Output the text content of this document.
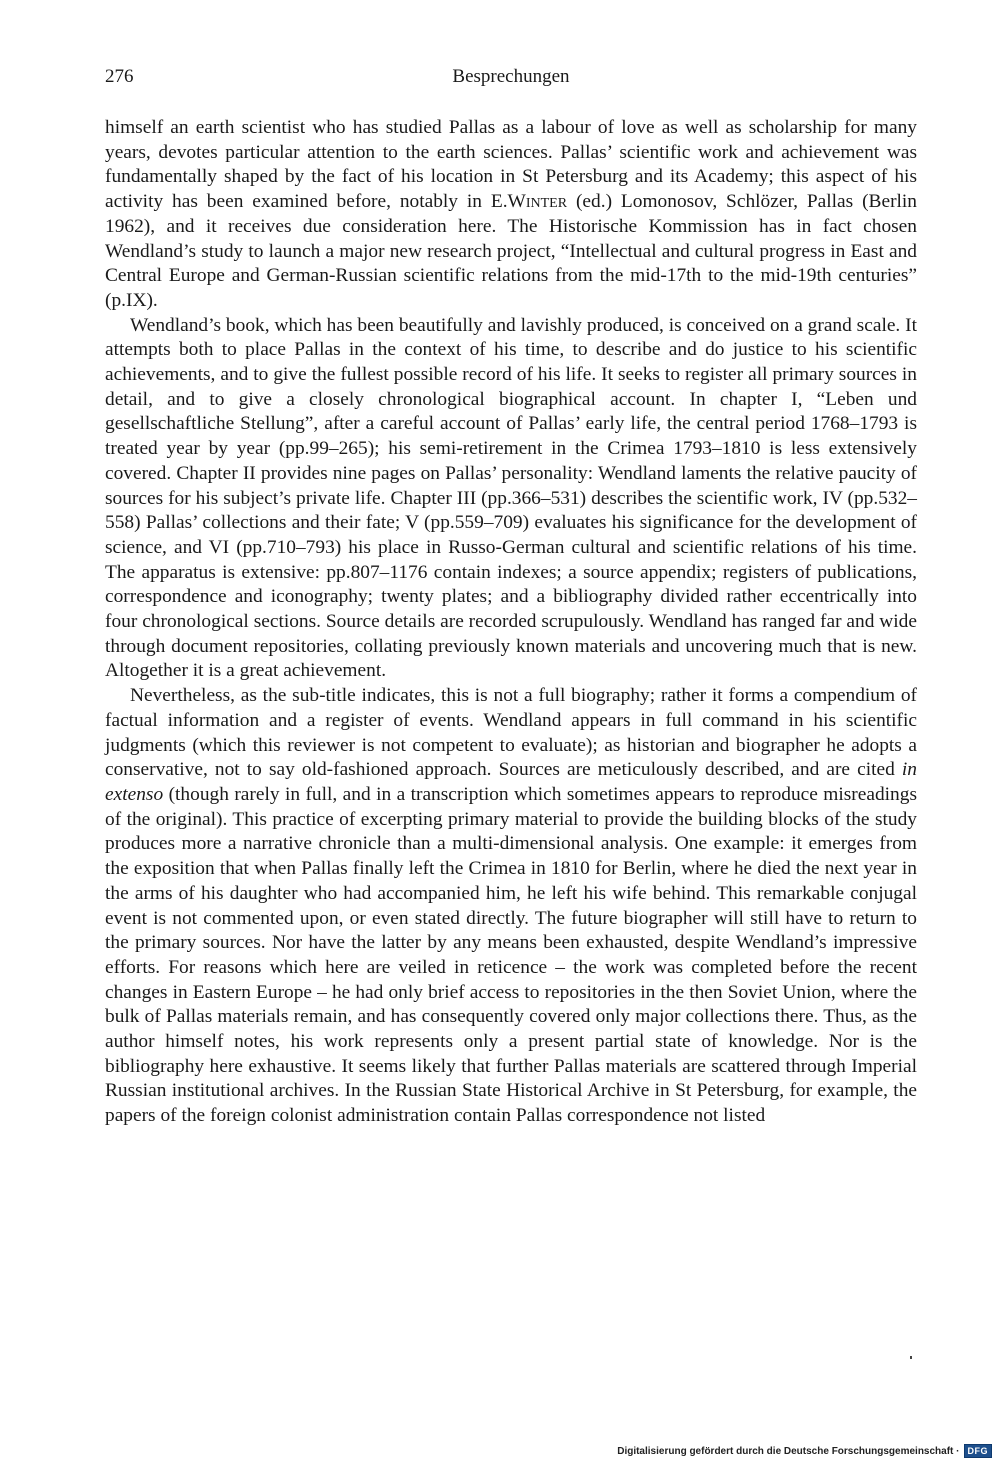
276	Besprechungen

himself an earth scientist who has studied Pallas as a labour of love as well as scholarship for many years, devotes particular attention to the earth sciences. Pallas’ scientific work and achievement was fundamentally shaped by the fact of his location in St Petersburg and its Academy; this aspect of his activity has been examined before, notably in E.Winter (ed.) Lomonosov, Schlözer, Pallas (Berlin 1962), and it receives due consideration here. The Historische Kommission has in fact chosen Wendland’s study to launch a major new research project, “Intellectual and cultural progress in East and Central Europe and German-Russian scientific relations from the mid-17th to the mid-19th centuries” (p.IX).

Wendland’s book, which has been beautifully and lavishly produced, is conceived on a grand scale. It attempts both to place Pallas in the context of his time, to describe and do justice to his scientific achievements, and to give the fullest possible record of his life. It seeks to register all primary sources in detail, and to give a closely chronological biographical account. In chapter I, “Leben und gesellschaftliche Stellung”, after a careful account of Pallas’ early life, the central period 1768–1793 is treated year by year (pp.99–265); his semi-retirement in the Crimea 1793–1810 is less extensively covered. Chapter II provides nine pages on Pallas’ personality: Wendland laments the relative paucity of sources for his subject’s private life. Chapter III (pp.366–531) describes the scientific work, IV (pp.532–558) Pallas’ collections and their fate; V (pp.559–709) evaluates his significance for the development of science, and VI (pp.710–793) his place in Russo-German cultural and scientific relations of his time. The apparatus is extensive: pp.807–1176 contain indexes; a source appendix; registers of publications, correspondence and iconography; twenty plates; and a bibliography divided rather eccentrically into four chronological sections. Source details are recorded scrupulously. Wendland has ranged far and wide through document repositories, collating previously known materials and uncovering much that is new. Altogether it is a great achievement.

Nevertheless, as the sub-title indicates, this is not a full biography; rather it forms a compendium of factual information and a register of events. Wendland appears in full command in his scientific judgments (which this reviewer is not competent to evaluate); as historian and biographer he adopts a conservative, not to say old-fashioned approach. Sources are meticulously described, and are cited in extenso (though rarely in full, and in a transcription which sometimes appears to reproduce misreadings of the original). This practice of excerpting primary material to provide the building blocks of the study produces more a narrative chronicle than a multi-dimensional analysis. One example: it emerges from the exposition that when Pallas finally left the Crimea in 1810 for Berlin, where he died the next year in the arms of his daughter who had accompanied him, he left his wife behind. This remarkable conjugal event is not commented upon, or even stated directly. The future biographer will still have to return to the primary sources. Nor have the latter by any means been exhausted, despite Wendland’s impressive efforts. For reasons which here are veiled in reticence – the work was completed before the recent changes in Eastern Europe – he had only brief access to repositories in the then Soviet Union, where the bulk of Pallas materials remain, and has consequently covered only major collections there. Thus, as the author himself notes, his work represents only a present partial state of knowledge. Nor is the bibliography here exhaustive. It seems likely that further Pallas materials are scattered through Imperial Russian institutional archives. In the Russian State Historical Archive in St Petersburg, for example, the papers of the foreign colonist administration contain Pallas correspondence not listed

Digitalisierung gefördert durch die Deutsche Forschungsgemeinschaft · DFG
